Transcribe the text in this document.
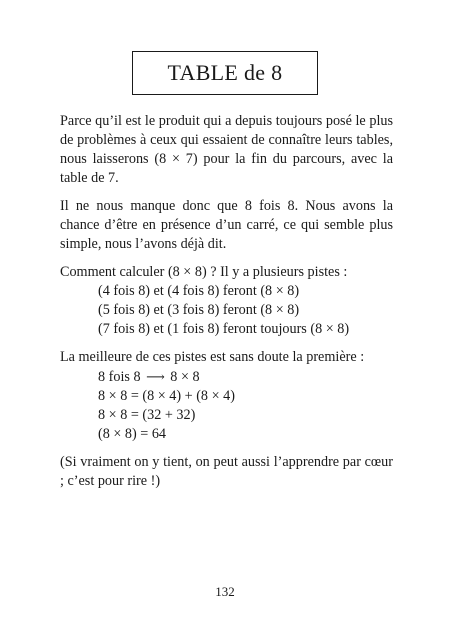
TABLE de 8

Parce qu’il est le produit qui a depuis toujours posé le plus de problèmes à ceux qui essaient de connaître leurs tables, nous laisserons (8 × 7) pour la fin du parcours, avec la table de 7.

Il ne nous manque donc que 8 fois 8. Nous avons la chance d’être en présence d’un carré, ce qui semble plus simple, nous l’avons déjà dit.

Comment calculer (8 × 8) ? Il y a plusieurs pistes :
(4 fois 8) et (4 fois 8) feront (8 × 8)
(5 fois 8) et (3 fois 8) feront (8 × 8)
(7 fois 8) et (1 fois 8) feront toujours (8 × 8)
La meilleure de ces pistes est sans doute la première :
8 fois 8 ⟶ 8 × 8
8 × 8 = (8 × 4) + (8 × 4)
8 × 8 = (32 + 32)
(8 × 8) = 64

(Si vraiment on y tient, on peut aussi l’apprendre par cœur ; c’est pour rire !)

132
